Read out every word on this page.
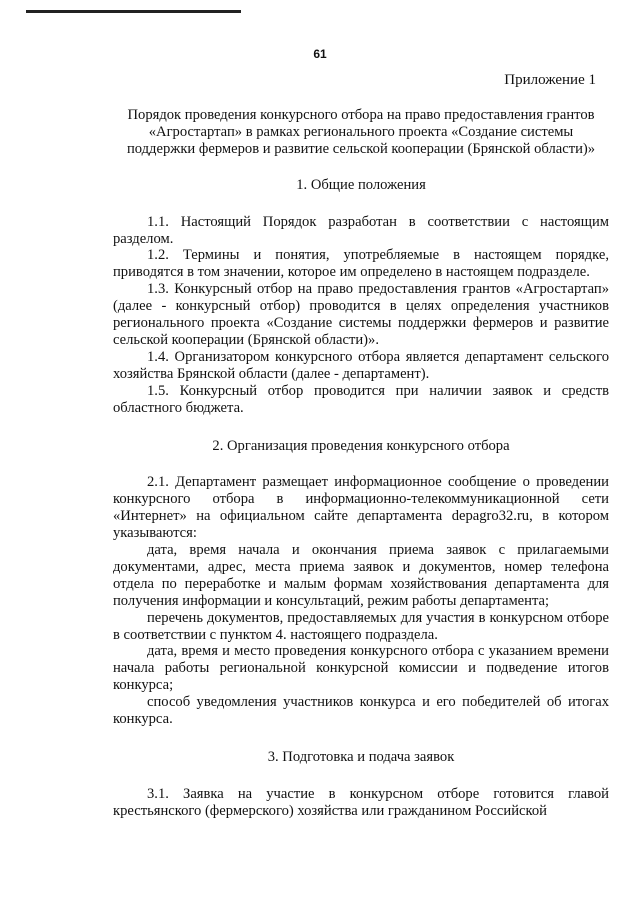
61
Приложение 1
Порядок проведения конкурсного отбора на право предоставления грантов «Агростартап» в рамках регионального проекта «Создание системы поддержки фермеров и развитие сельской кооперации (Брянской области)»
1. Общие положения

1.1. Настоящий Порядок разработан в соответствии с настоящим разделом.

1.2. Термины и понятия, употребляемые в настоящем порядке, приводятся в том значении, которое им определено в настоящем подразделе.

1.3. Конкурсный отбор на право предоставления грантов «Агростартап» (далее - конкурсный отбор) проводится в целях определения участников регионального проекта «Создание системы поддержки фермеров и развитие сельской кооперации (Брянской области)».

1.4. Организатором конкурсного отбора является департамент сельского хозяйства Брянской области (далее - департамент).

1.5. Конкурсный отбор проводится при наличии заявок и средств областного бюджета.

2. Организация проведения конкурсного отбора

2.1. Департамент размещает информационное сообщение о проведении конкурсного отбора в информационно-телекоммуникационной сети «Интернет» на официальном сайте департамента depagro32.ru, в котором указываются:

дата, время начала и окончания приема заявок с прилагаемыми документами, адрес, места приема заявок и документов, номер телефона отдела по переработке и малым формам хозяйствования департамента для получения информации и консультаций, режим работы департамента;

перечень документов, предоставляемых для участия в конкурсном отборе в соответствии с пунктом 4. настоящего подраздела.

дата, время и место проведения конкурсного отбора с указанием времени начала работы региональной конкурсной комиссии и подведение итогов конкурса;

способ уведомления участников конкурса и его победителей об итогах конкурса.

3. Подготовка и подача заявок

3.1. Заявка на участие в конкурсном отборе готовится главой крестьянского (фермерского) хозяйства или гражданином Российской
